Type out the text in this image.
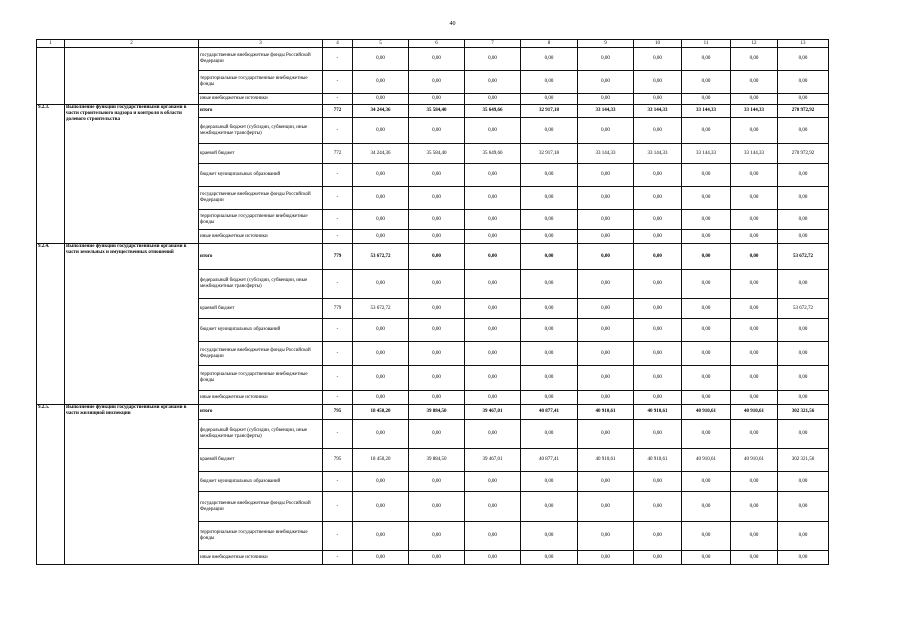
40
1	2	3	4	5	6	7	8	9	10	11	12	13
		государственные внебюджетные фонды Российской Федерации	-	0,00	0,00	0,00	0,00	0,00	0,00	0,00	0,00	0,00
		территориальные государственные внебюджетные фонды	-	0,00	0,00	0,00	0,00	0,00	0,00	0,00	0,00	0,00
		иные внебюджетные источники	-	0,00	0,00	0,00	0,00	0,00	0,00	0,00	0,00	0,00
9.2.3.	Выполнение функций государственными органами в части строительного надзора и контроля в области долевого строительства	итого	772	34 244,36	35 584,40	35 649,66	32 917,18	33 144,33	33 144,33	33 144,33	33 144,33	270 972,92
		федеральный бюджет (субсидии, субвенции, иные межбюджетные трансферты)	-	0,00	0,00	0,00	0,00	0,00	0,00	0,00	0,00	0,00
		краевой бюджет	772	34 244,36	35 584,40	35 649,66	32 917,18	33 144,33	33 144,33	33 144,33	33 144,33	270 972,92
		бюджет муниципальных образований	-	0,00	0,00	0,00	0,00	0,00	0,00	0,00	0,00	0,00
		государственные внебюджетные фонды Российской Федерации	-	0,00	0,00	0,00	0,00	0,00	0,00	0,00	0,00	0,00
		территориальные государственные внебюджетные фонды	-	0,00	0,00	0,00	0,00	0,00	0,00	0,00	0,00	0,00
		иные внебюджетные источники	-	0,00	0,00	0,00	0,00	0,00	0,00	0,00	0,00	0,00
9.2.4.	Выполнение функций государственными органами в части земельных и имущественных отношений	итого	779	53 672,72	0,00	0,00	0,00	0,00	0,00	0,00	0,00	53 672,72
		федеральный бюджет (субсидии, субвенции, иные межбюджетные трансферты)	-	0,00	0,00	0,00	0,00	0,00	0,00	0,00	0,00	0,00
		краевой бюджет	779	53 672,72	0,00	0,00	0,00	0,00	0,00	0,00	0,00	53 672,72
		бюджет муниципальных образований	-	0,00	0,00	0,00	0,00	0,00	0,00	0,00	0,00	0,00
		государственные внебюджетные фонды Российской Федерации	-	0,00	0,00	0,00	0,00	0,00	0,00	0,00	0,00	0,00
		территориальные государственные внебюджетные фонды	-	0,00	0,00	0,00	0,00	0,00	0,00	0,00	0,00	0,00
		иные внебюджетные источники	-	0,00	0,00	0,00	0,00	0,00	0,00	0,00	0,00	0,00
9.2.5.	Выполнение функций государственными органами в части жилищной инспекции	итого	795	18 450,20	39 884,50	39 467,01	40 877,41	40 910,61	40 910,61	40 910,61	40 910,61	302 321,56
		федеральный бюджет (субсидии, субвенции, иные межбюджетные трансферты)	-	0,00	0,00	0,00	0,00	0,00	0,00	0,00	0,00	0,00
		краевой бюджет	795	18 450,20	39 884,50	39 467,01	40 877,41	40 910,61	40 910,61	40 910,61	40 910,61	302 321,56
		бюджет муниципальных образований	-	0,00	0,00	0,00	0,00	0,00	0,00	0,00	0,00	0,00
		государственные внебюджетные фонды Российской Федерации	-	0,00	0,00	0,00	0,00	0,00	0,00	0,00	0,00	0,00
		территориальные государственные внебюджетные фонды	-	0,00	0,00	0,00	0,00	0,00	0,00	0,00	0,00	0,00
		иные внебюджетные источники	-	0,00	0,00	0,00	0,00	0,00	0,00	0,00	0,00	0,00
